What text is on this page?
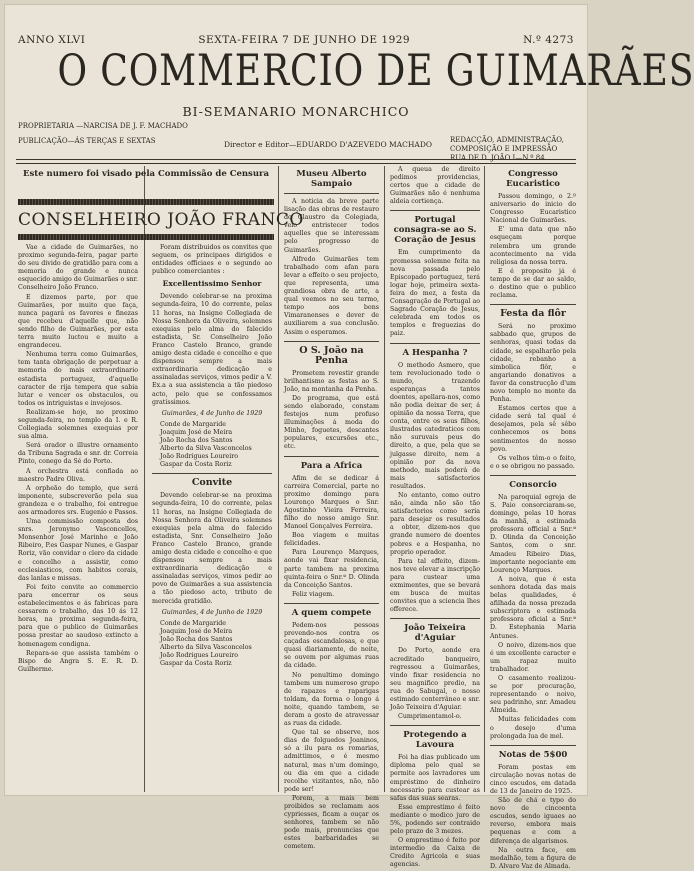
ANNO XLVI	SEXTA-FEIRA 7 DE JUNHO DE 1929	N.º 4273
O COMMERCIO DE GUIMARÃES
BI-SEMANARIO MONARCHICO
PROPRIETARIA —NARCISA DE J. F. MACHADO
PUBLICAÇÃO—ÁS TERÇAS E SEXTAS	Director e Editor—EDUARDO D'AZEVEDO MACHADO	REDACÇÃO, ADMINISTRAÇÃO, COMPOSIÇÃO E IMPRESSÃO
RUA DE D. JOÃO I—N.º 84
Este numero foi visado pela Commissão de Censura
CONSELHEIRO JOÃO FRANCO

Vae a cidade de Guimarães, no proximo segunda-feira, pagar parte do seu divido de gratidão para com a memoria do grande e nunca esquecido amigo de Guimarães o snr. Conselheiro João Franco.

E dizemos parte, por que Guimarães, por muito que faça, nunca pagará os favores e finezas que recebeu d'aquelle que, não sendo filho de Guimarães, por esta terra muito luctou e muito a engrandeceu.

Nenhuma terra como Guimarães, tem tanta obrigação de perpetuar a memoria do mais extraordinario estadista portuguez, d'aquelle caracter de rija tempera que sabia lutar e vencer os obstaculos, ou todos os intriguistas e invejosos.

Realizam-se hoje, no proximo segunda-feira, no templo da I. e R. Collegiada solemnes exequias por sua alma.

Será orador o illustre ornamento da Tribuna Sagrada e snr. dr. Correia Pinto, conego da Sé do Porto.

A orchestra está confiada ao maestro Padre Oliva.

A orpheão do templo, que será imponente, subscreverão pela sua grandeza e o trabalho, foi entregue aos armadores srs. Eugenio e Passos.

Uma commissão composta dos snrs. Jeronymo Vasconcellos, Monsenhor José Marinho e João Ribeiro, P.es Gaspar Nunes, e Gaspar Roriz, vão convidar o clero da cidade e concelho a assistir, como ecclesiasticos, com habitos corais, das lanlas e missas.

Foi feito convite ao commercio para encerrar os seus estabelecimentos e ás fabricas para cessarem o trabalho, das 10 ás 12 horas, na proxima segunda-feira, para que o publico de Guimarães possa prestar ao saudoso extincto a homenagem condigna.

Repara-se que assista também o Bispo de Angra S. E. R. D. Guilherme.

Foram distribuidos os convites que seguem, os principaes dirigidos e entidades officiaes e o segundo ao publico comerciantes :

Excellentissimo Senhor

Devendo celebrar-se na proxima segunda-feira, 10 do corrente, pelas 11 horas, na Insigne Collegiada de Nossa Senhora da Oliveira, solemnes exequias pelo alma do falecido estadista, Sr. Conselheiro João Franco Castelo Branco, grande amigo desta cidade e concelho e que dispensou sempre a mais extraordinaria dedicação e assinaladas serviços, vimos pedir a V. Ex.a a sua assistencia a tão piedoso acto, pelo que se confessamos gratíssimos.

Guimarães, 4 de Junho de 1929
Conde de Margaride
Joaquim José de Meira
João Rocha dos Santos
Alberto da Silva Vasconcelos
João Rodrigues Loureiro
Gaspar da Costa Roriz
Convite

Devendo celebrar-se na proxima segunda-feira, 10 do corrente, pelas 11 horas, na Insigne Collegiada de Nossa Senhora da Oliveira solemnes exequias pela alma do falecido estadista, Snr. Conselheiro João Franco Castelo Branco, grande amigo desta cidade e concelho e que dispensou sempre a mais extraordinaria dedicação e assinaladas serviços, vimos pedir ao povo de Guimarães a sua assistencia a tão piedoso acto, tributo de merecida gratidão.

Guimarães, 4 de Junho de 1929
Conde de Margaride
Joaquim José de Meira
João Rocha dos Santos
Alberto da Silva Vasconcelos
João Rodrigues Loureiro
Gaspar da Costa Roriz
Museu Alberto Sampaio

A noticia da breve parte lisação das obras de restauro do Claustro da Colegiada, veio entristecer todos aquelles que se interessam pelo progresso de Guimarães.

Alfredo Guimarães tem trabalhado com afan para levar a effeito o seu projecto, que representa, uma grandiosa obra de arte, a qual veemos no seu termo, tempo aos bons Vimaranenses e dever de auxiliarem a sua conclusão. Assim o esperamos.

O S. João na Penha

Prometem revestir grande brilhantismo as festas ao S. João, na montanha da Penha.

Do programa, que está sendo elaborado, constam festejos num profuso illuminações á moda do Minho, foguetes, descantes populares, excursões etc., etc.

Para a Africa

Afim de se dedicar á carreira Comercial, parte no proximo domingo para Lourenço Marques o Snr. Agostinho Vieira Ferreira, filho do nosso amigo Snr. Manoel Gonçalves Ferreira.

Boa viagem e muitas felicidades.

Para Lourenço Marques, aonde vai fixar residencia, parte tambem na proxima quinta-feira o Snr.ª D. Olinda da Conceição Santos.

Feliz viagem.

A quem compete

Pedem-nos pessoas prevendo-nos contra os caçadas escandalosas, e que quasi diariamente, de noite, se ouvem por algumas ruas da cidade.

No penultimo domingo tambem um numeroso grupo de rapazes e raparigas toldam, da forma o longo á noite, quando tambem, se deram a gosto de atravessar as ruas da cidade.

Que tal se observe, nos dias de folguedos Joaninos, só a ilu para os romarias, admittimos, e é mesmo natural, mas n'um domingo, ou dia em que a cidade recolhe vizitantes, não, não pode ser!

Porem, a mais bem proibidos se reclamam aos cypriesses, ficam a ouçar os senhores, tambem se não pode mais, pronuncias que estes barbaridades se cometem.

A queua de direito pedimos providencias, certos que a cidade de Guimarães não é nenhuma aldeia cortiença.

Portugal consagra-se ao S. Coração de Jesus

Em cumprimento da promessa solemne feita na nova passada pelo Episcopado portuguez, terá logar hoje, primeira sexta-feira do mez, a festa da Consagração de Portugal ao Sagrado Coração de Jesus, celebrada em todos os templos e freguezias do paiz.

A Hespanha ?

O methodo Asmero, que tem revolucionado todo o mundo, trazendo esperanças a tantos doentes, apellara-nos, como não podia deixar de ser, á opinião da nossa Terra, que conta, entre os seus filhos, ilustrados catedraticos com não suruvais peus do direito, a que, pela que se julgasse direito, nem a opinião por da nova methodo, mais poderá de mais satisfactorios resultados.

No entanto, como outro não, ainda não são tão satisfactorios como seria para desejar os resultados a obter, dizem-nos que grande numero de doentes pobres e a Hespanha, no proprio operador.

Para tal effeito, dizem-nos teve elevar a inscripção para custear uma exmimentes, que se bevará em busca de muitas convites que a sciencia lhes offerece.

João Teixeira d'Aguiar

Do Porto, aonde era acreditado banqueiro, regressou a Guimarães, vindo fixar residencia no seu magnifico predio, na rua do Sabugal, o nosso estimado conterrâneo e snr. João Teixeira d'Aguiar.

Cumprimentamol-o.

Protegendo a Lavoura

Foi ha dias publicado um diploma pelo qual se permite aos lavradores um empréstimo de dinheiro necessario para custear as safas das suas searas.

Esse emprestimo é feito mediante o modico juro de 5%, podendo ser contraido pelo prazo de 3 mezes.

O emprestimo é feito por intermedio da Caixa de Credito Agricola e suas agencias.

Congresso Eucaristico

Passou domingo, o 2.º aniversario do inicio do Congresso Eucaristico Nacional de Guimarães.

E' uma data que não esqueçam porque relembra um grande acontecimento na vida religiosa da nossa terra.

E é proposito já é tempo de se dar ao saldo, o destino que o publico reclama.

Festa da flôr

Será no proximo sabbado que, grupos de senhoras, quasi todas da cidade, se espalharão pela cidade, rebanho a simbolica flôr, e angariando donativos a favor da construcção d'um novo templo no monte da Penha.

Estamos certos que a cidade será tal qual é desejamos, pela sê sêbo conhecemos os bons sentimentos do nosso povo.

Os velhos têm-o o feito, e o se obrigou no passado.

Consorcio

Na paroquial egreja de S. Paio consorciaram-se, domingo, pelas 10 horas da manhã, a estimada professora official a Snr.ª D. Olinda da Conceição Santos, com o snr. Amadeu Ribeiro Dias, importante negociante em Lourenço Marques.

A noiva, que é esta senhora dotada das mais belas qualidades, é afilhada da nossa prezada subscriptora e estimada professora oficial a Snr.ª D. Estephania Maria Antunes.

O noivo, dizem-nos que é um excellente caracter e um rapaz muito trabalhador.

O casamento realizou-se por procuração, representando o noivo, seu padrinho, snr. Amadeu Almeida.

Muitas felicidades com o desejo d'uma prolongada lua de mel.

Notas de 5$00

Foram postas em circulação novas notas de cinco escudos, em datada de 13 de Janeiro de 1925.

São de chá e typo do novo de cincoenta escudos, sendo iguaes ao reverso, embora mais pequenas e com a diferença de algarismos.

Na outra face, em medalhão, tem a figura de D. Alvaro Vaz de Almada.
